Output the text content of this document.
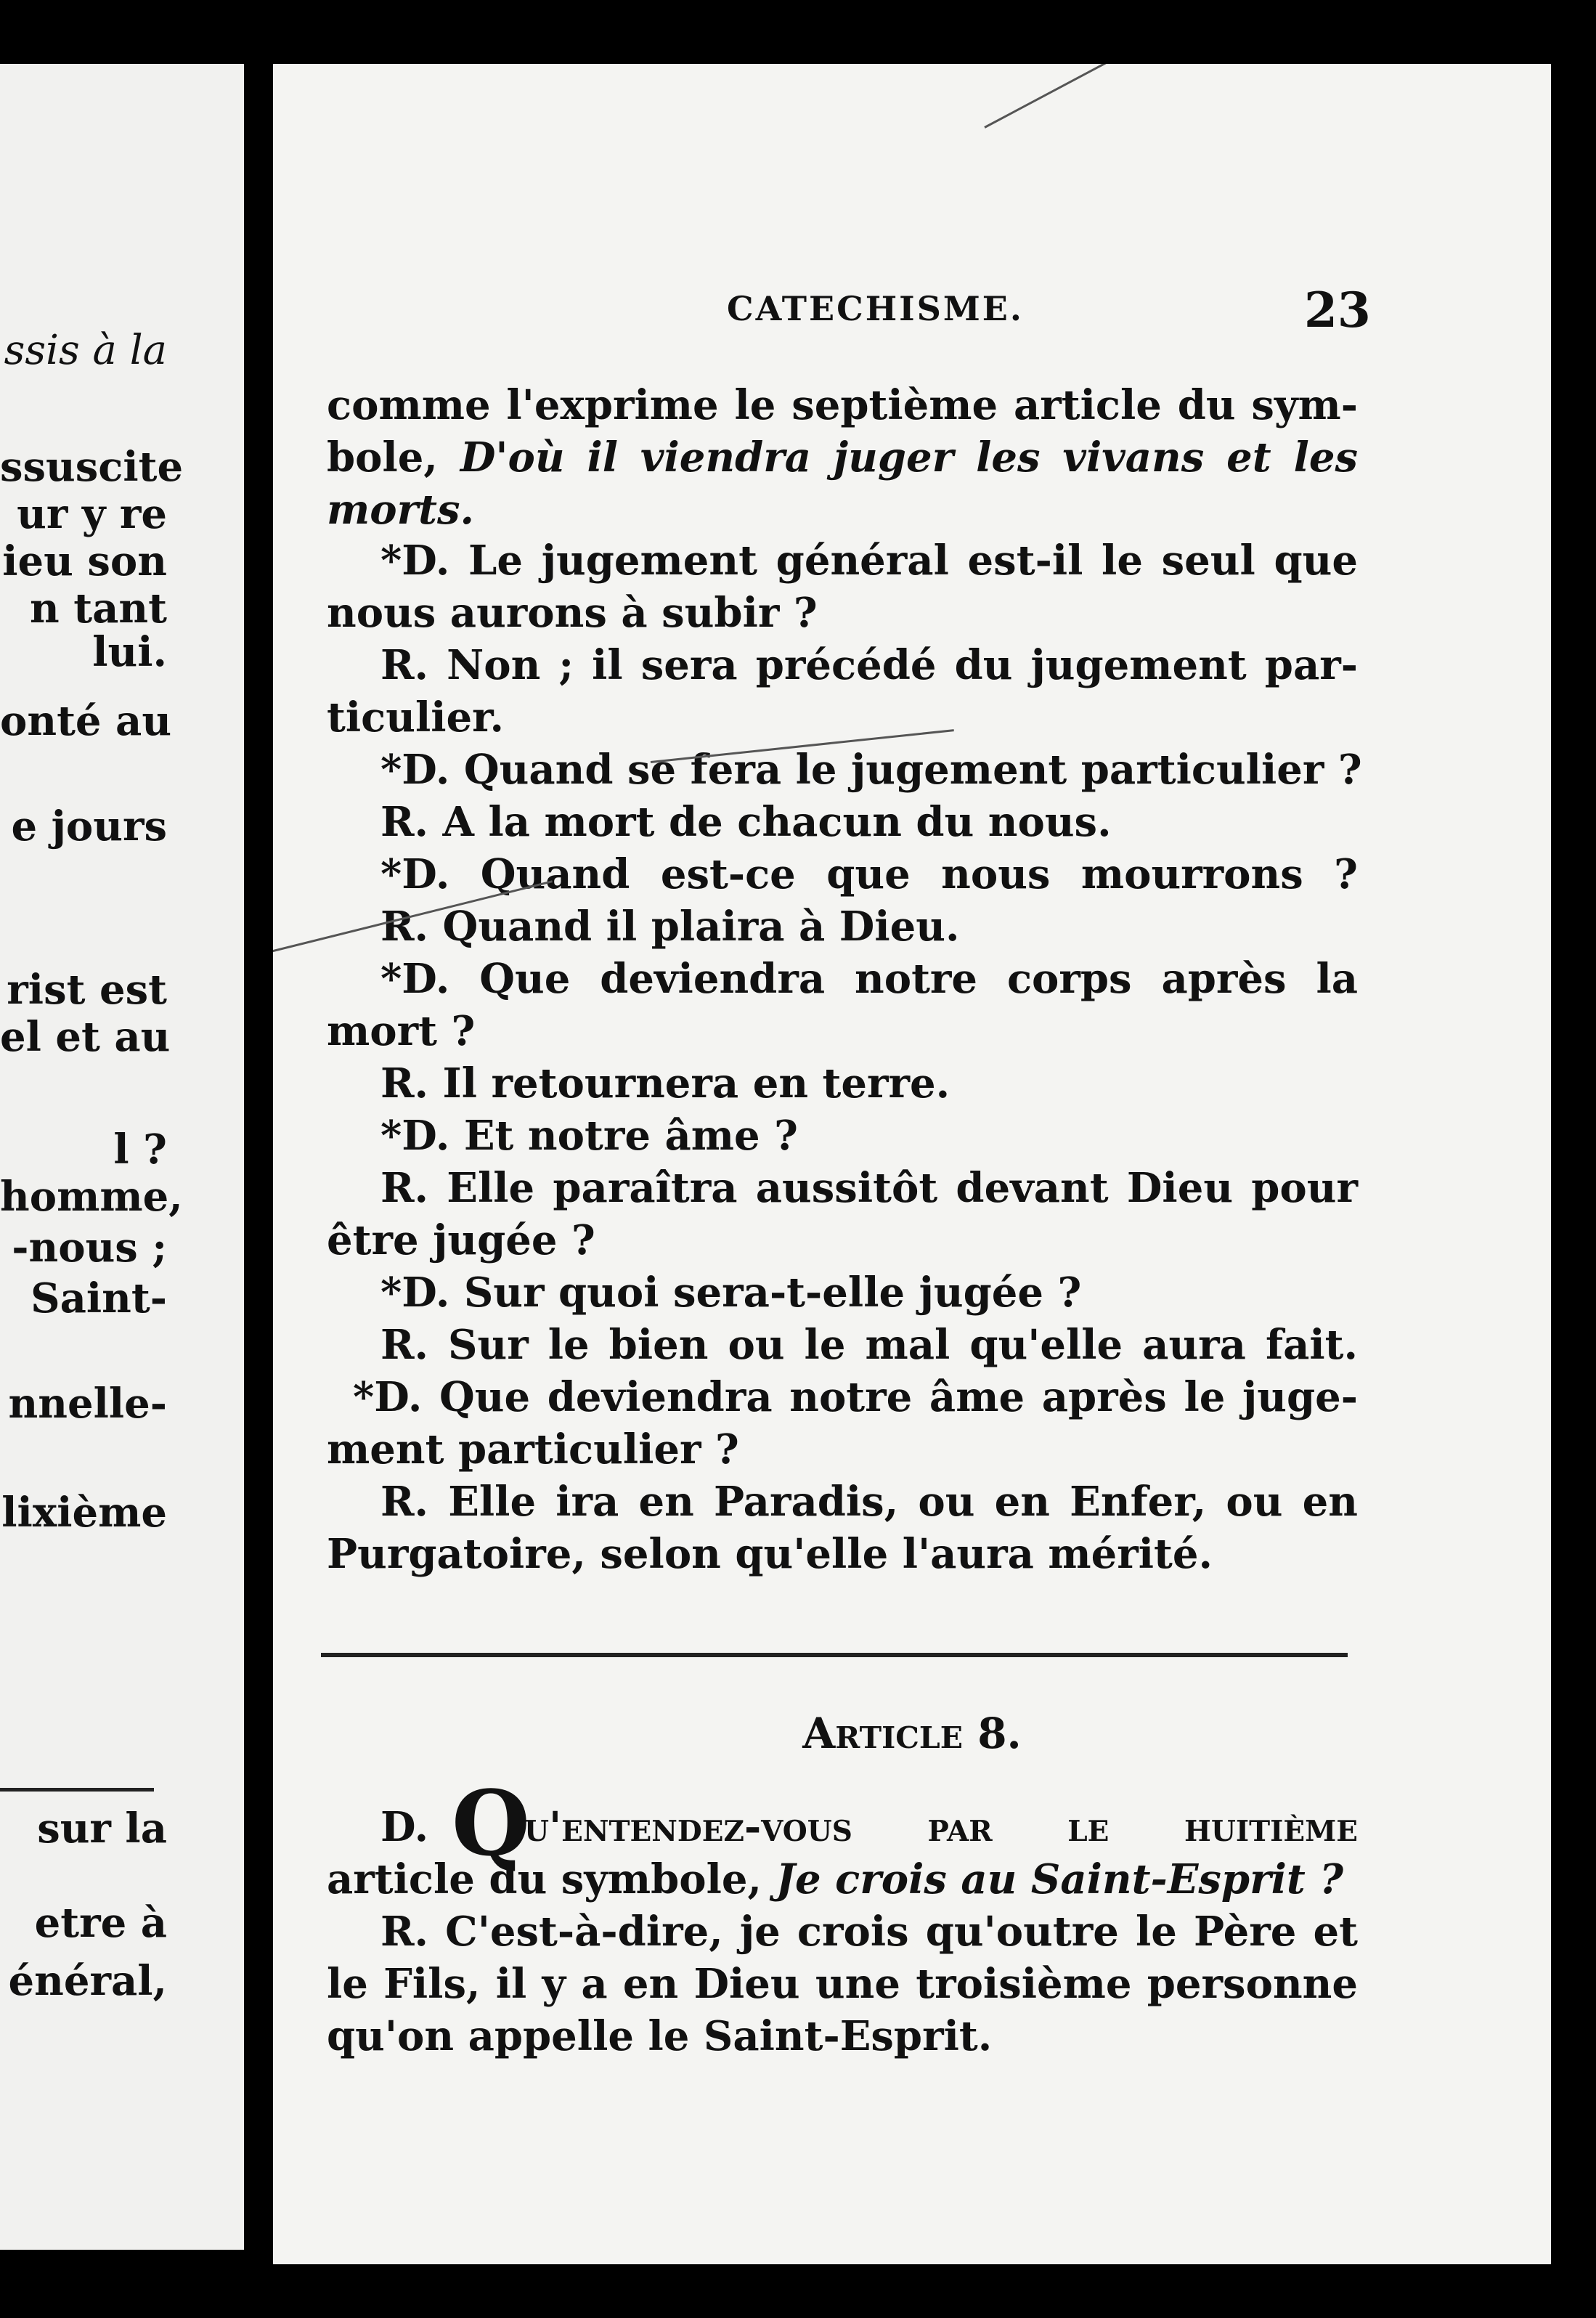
ssis à la
ssuscite
ur y re
ieu son
n tant
lui.
onté au
e jours
rist est
el et au
l ?
homme,
-nous ;
Saint-
nnelle-
lixième
sur la
etre à
énéral,
CATECHISME.	23
comme l'exprime le septième article du sym-
bole, D'où il viendra juger les vivans et les
morts.
*D. Le jugement général est-il le seul que
nous aurons à subir ?
R. Non ; il sera précédé du jugement par-
ticulier.
*D. Quand se fera le jugement particulier ?
R. A la mort de chacun du nous.
*D. Quand est-ce que nous mourrons ?
R. Quand il plaira à Dieu.
*D. Que deviendra notre corps après la
mort ?
R. Il retournera en terre.
*D. Et notre âme ?
R. Elle paraîtra aussitôt devant Dieu pour
être jugée ?
*D. Sur quoi sera-t-elle jugée ?
R. Sur le bien ou le mal qu'elle aura fait.
*D. Que deviendra notre âme après le juge-
ment particulier ?
R. Elle ira en Paradis, ou en Enfer, ou en
Purgatoire, selon qu'elle l'aura mérité.
Article 8.
D. Q
u'entendez-vous par le huitième
article du symbole, Je crois au Saint-Esprit ?
R. C'est-à-dire, je crois qu'outre le Père et
le Fils, il y a en Dieu une troisième personne
qu'on appelle le Saint-Esprit.
